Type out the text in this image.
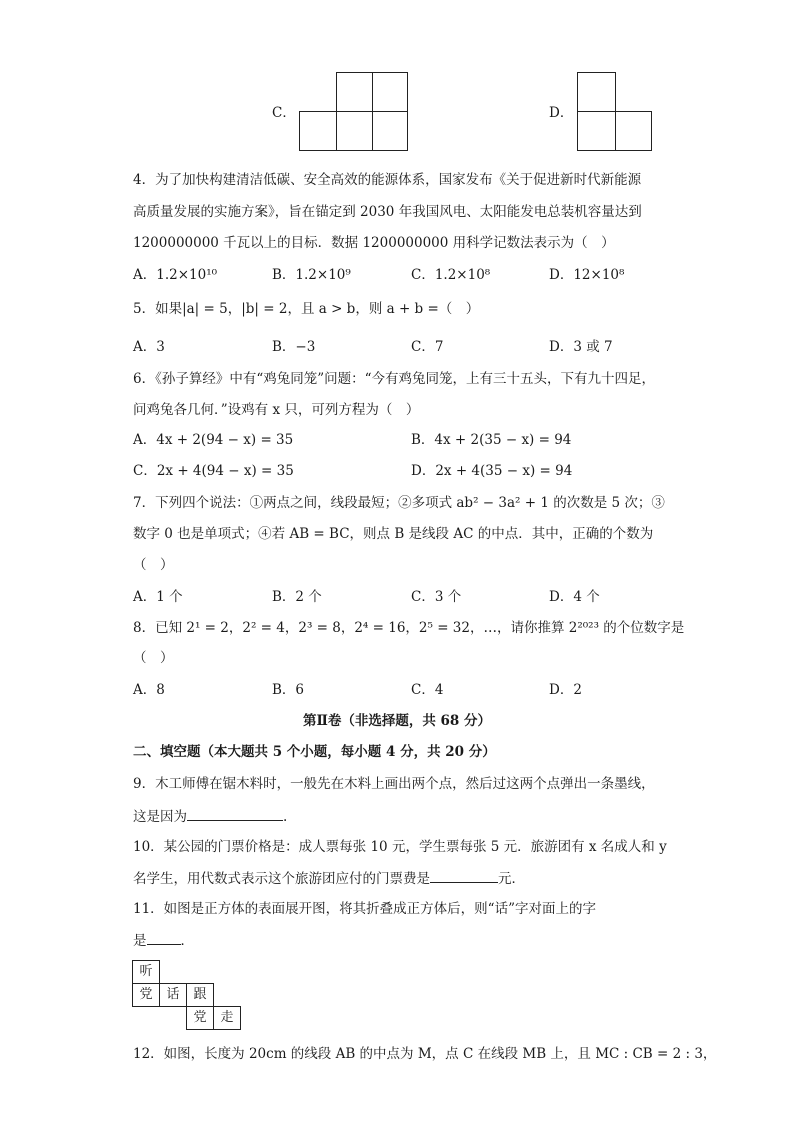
C．	D．
4．为了加快构建清洁低碳、安全高效的能源体系，国家发布《关于促进新时代新能源
高质量发展的实施方案》，旨在锚定到 2030 年我国风电、太阳能发电总装机容量达到
1200000000 千瓦以上的目标．数据 1200000000 用科学记数法表示为（　）
A．1.2×10¹⁰	B．1.2×10⁹	C．1.2×10⁸	D．12×10⁸
5．如果|a| = 5，|b| = 2，且 a > b，则 a + b =（　）
A．3	B．−3	C．7	D．3 或 7
6．《孙子算经》中有“鸡兔同笼”问题：“今有鸡兔同笼，上有三十五头，下有九十四足，
问鸡兔各几何．”设鸡有 x 只，可列方程为（　）
A．4x + 2(94 − x) = 35	B．4x + 2(35 − x) = 94
C．2x + 4(94 − x) = 35	D．2x + 4(35 − x) = 94
7．下列四个说法：①两点之间，线段最短；②多项式 ab² − 3a² + 1 的次数是 5 次；③
数字 0 也是单项式；④若 AB = BC，则点 B 是线段 AC 的中点．其中，正确的个数为
（　）
A．1 个	B．2 个	C．3 个	D．4 个
8．已知 2¹ = 2，2² = 4，2³ = 8，2⁴ = 16，2⁵ = 32，…，请你推算 2²⁰²³ 的个位数字是
（　）
A．8	B．6	C．4	D．2
第Ⅱ卷（非选择题，共 68 分）
二、填空题（本大题共 5 个小题，每小题 4 分，共 20 分）
9．木工师傅在锯木料时，一般先在木料上画出两个点，然后过这两个点弹出一条墨线，
这是因为	.
10．某公园的门票价格是：成人票每张 10 元，学生票每张 5 元．旅游团有 x 名成人和 y
名学生，用代数式表示这个旅游团应付的门票费是	元．
11．如图是正方体的表面展开图，将其折叠成正方体后，则“话”字对面上的字
是	．
听
党	话	跟
党	走
12．如图，长度为 20cm 的线段 AB 的中点为 M，点 C 在线段 MB 上，且 MC : CB = 2 : 3，
